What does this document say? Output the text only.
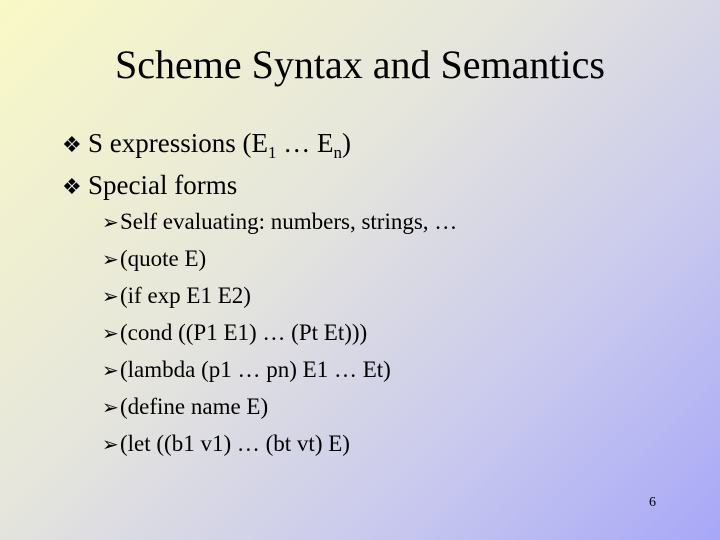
Scheme Syntax and Semantics
❖ S expressions ($E_1$ … $E_n$)
❖ Special forms
➢ Self evaluating: numbers, strings, …
➢ (quote E)
➢ (if exp E1 E2)
➢ (cond ((P1 E1) … (Pt Et)))
➢ (lambda (p1 … pn) E1 … Et)
➢ (define name E)
➢ (let ((b1 v1) … (bt vt) E)
6
